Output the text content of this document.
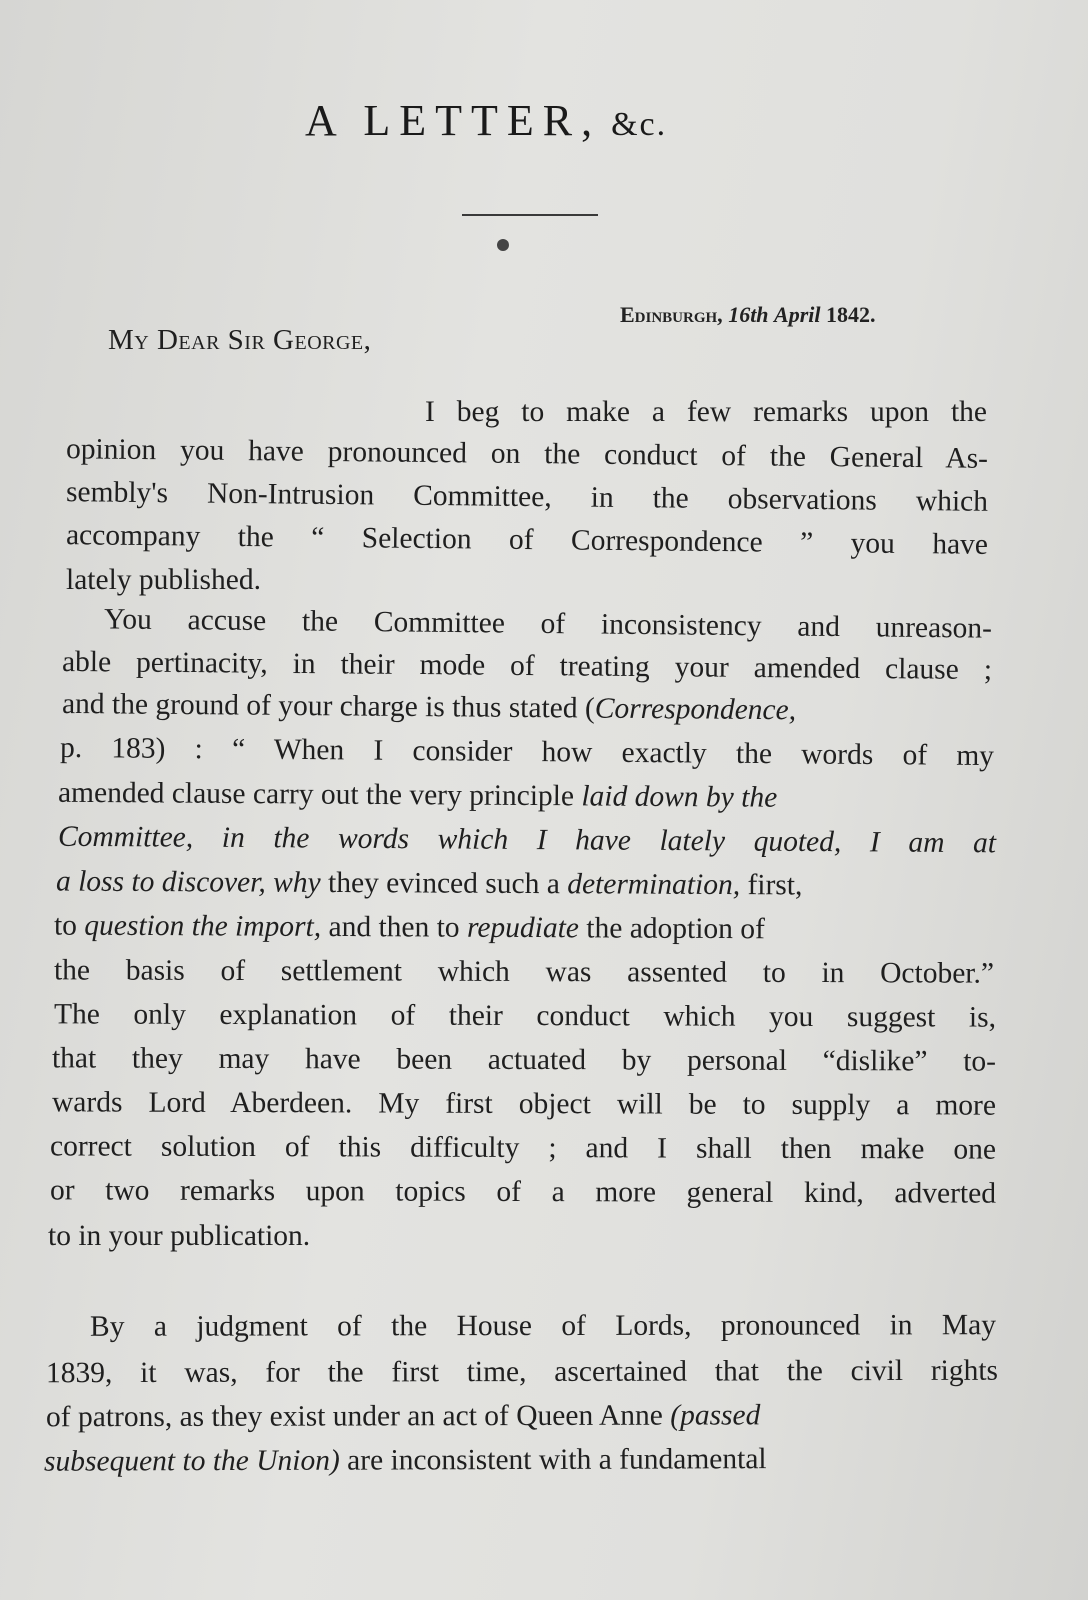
A LETTER, &c.
Edinburgh, 16th April 1842.
My Dear Sir George,
I beg to make a few remarks upon the
opinion you have pronounced on the conduct of the General As-
sembly's Non-Intrusion Committee, in the observations which
accompany the “ Selection of Correspondence ” you have
lately published.
You accuse the Committee of inconsistency and unreason-
able pertinacity, in their mode of treating your amended clause ;
and the ground of your charge is thus stated (Correspondence,
p. 183) : “ When I consider how exactly the words of my
amended clause carry out the very principle laid down by the
Committee, in the words which I have lately quoted, I am at
a loss to discover, why they evinced such a determination, first,
to question the import, and then to repudiate the adoption of
the basis of settlement which was assented to in October.”
The only explanation of their conduct which you suggest is,
that they may have been actuated by personal “dislike” to-
wards Lord Aberdeen. My first object will be to supply a more
correct solution of this difficulty ; and I shall then make one
or two remarks upon topics of a more general kind, adverted
to in your publication.
By a judgment of the House of Lords, pronounced in May
1839, it was, for the first time, ascertained that the civil rights
of patrons, as they exist under an act of Queen Anne (passed
subsequent to the Union) are inconsistent with a fundamental
